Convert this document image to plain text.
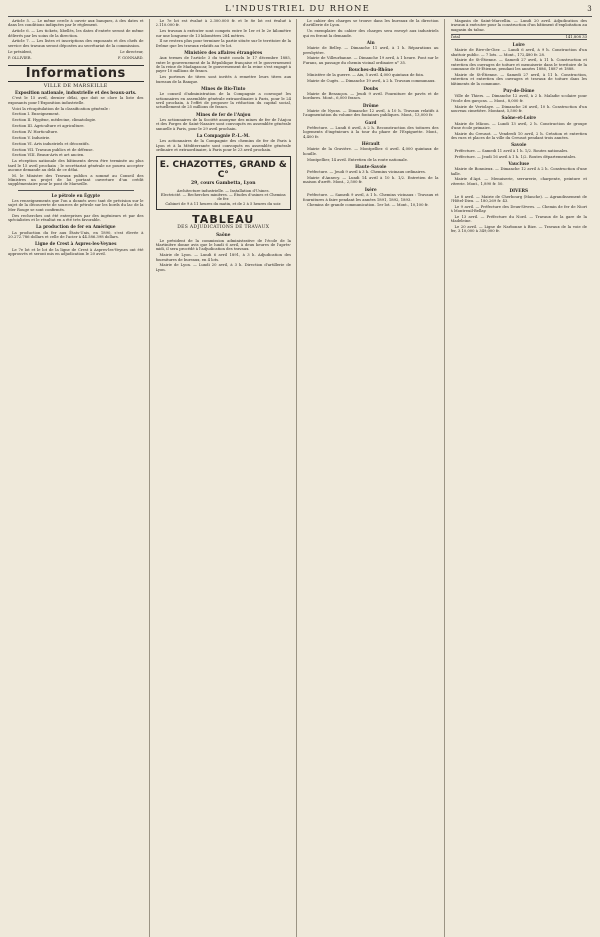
L'INDUSTRIEL DU RHONE	3

Article 5. — Le même cercle à ouvrir aux banques, à des dates et dans les conditions indiquées par le règlement.

Article 6. — Les tickets, libellés, les dates d'entrée seront de même délivrés par les soins de la direction.

Article 7. — Les listes et inscriptions des exposants et des chefs de service des travaux seront déposées au secrétariat de la commission.

Le président,	Le directeur,
P. OLLIVIER.	F. GONNARD.
Informations
VILLE DE MARSEILLE
Exposition nationale, industrielle et des beaux-arts.

C'est le 15 avril, dernier délai, que doit se clore la liste des exposants pour l'Exposition industrielle.

Voici la récapitulation de la classification générale :

Section I. Enseignement.

Section II. Hygiène, médecine, climatologie.

Section III. Agriculture et agriculture.

Section IV. Horticulture.

Section V. Industrie.

Section VI. Arts industriels et décoratifs.

Section VII. Travaux publics et de défense.

Section VIII. Beaux-Arts et art ancien.

La réception nationale des bâtiments devra être terminée au plus tard le 15 avril prochain ; le secrétariat générale ne pourra accepter aucune demande au delà de ce délai.

M. le Ministre des Travaux publics a sommé au Conseil des Ministres un projet de loi portant ouverture d'un crédit supplémentaire pour le pont de Marseille.

Le pétrole en Égypte

Les renseignements que l'on a donnés avec tant de précision sur le sujet de la découverte de sources de pétrole sur les bords du lac de la Mer Rouge se sont confirmés.

Des recherches ont été entreprises par des ingénieurs et par des spécialistes et le résultat en a été très favorable.

La production de fer en Amérique

La production du fer aux États-Unis, en 1890, s'est élevée à 20.272.786 dollars et celle de l'acier à 44.586.398 dollars.

Ligne de Crest à Aspres-les-Veynes

Le 7e lot et le lot de la ligne de Crest à Aspres-les-Veynes ont été approuvés et seront mis en adjudication le 20 avril.

Le 7e lot est évalué à 2.300.000 fr. et le 8e lot est évalué à 2.110.000 fr.

Les travaux à exécuter sont compris entre le 1er et le 2e kilomètre sur une longueur de 13 kilomètres 284 mètres.

Il ne restera plus pour terminer la partie située sur le territoire de la Drôme que les travaux relatifs au 9e lot.

Ministère des affaires étrangères

Aux termes de l'article 3 du traité conclu le 17 décembre 1885, entre le gouvernement de la République française et le gouvernement de la reine de Madagascar, le gouvernement de la reine s'est engagé à payer 10 millions de francs.

Les porteurs de titres sont invités à remettre leurs titres aux bureaux de la Banque.

Mines de Bio-Tinto

Le conseil d'administration de la Compagnie a convoqué les actionnaires en assemblée générale extraordinaire à Paris, pour le 24 avril prochain, à l'effet de proposer la réduction du capital social, actuellement de 25 millions de francs.

Mines de fer de l'Anjou

Les actionnaires de la Société anonyme des mines de fer de l'Anjou et des Forges de Saint-Nazaire sont convoqués en assemblée générale annuelle à Paris, pour le 29 avril prochain.

La Compagnie P.-L.-M.

Les actionnaires de la Compagnie des chemins de fer de Paris à Lyon et à la Méditerranée sont convoqués en assemblée générale ordinaire et extraordinaire, à Paris pour le 23 avril prochain.

E. CHAZOTTES, GRAND & C°
29, cours Gambetta, Lyon
Architecture industrielle. — Installation d'Usines.
Electricité. — Recherches minières. — Études d'usines et Chemins de fer.
Cabinet de 9 à 11 heures du matin, et de 2 à 5 heures du soir.
TABLEAU
DES ADJUDICATIONS DE TRAVAUX
Saône

Le président de la commission administrative de l'école de la Martinière donne avis que le lundi 6 avril, à deux heures de l'après-midi, il sera procédé à l'adjudication des travaux.

Mairie de Lyon. — Lundi 6 avril 1891, à 3 h. Adjudication des fournitures de bureaux, en 4 lots.

Mairie de Lyon. — Lundi 20 avril, à 3 h. Direction d'artillerie de Lyon.

Le cahier des charges se trouve dans les bureaux de la direction d'artillerie de Lyon.

Un exemplaire du cahier des charges sera envoyé aux industriels qui en feront la demande.

Ain

Mairie de Belley. — Dimanche 11 avril, à 1 h. Réparations au presbytère.

Mairie de Villeurbanne. — Dimanche 19 avril, à 1 heure. Pont sur le Furans, au passage du chemin vicinal ordinaire n° 35.

Bouches-du-Rhône

Ministère de la guerre. — Aix, 5 avril. 4,000 quintaux de foin.

Mairie de Cugès. — Dimanche 19 avril, à 2 h. Travaux communaux.

Doubs

Mairie de Besançon. — Jeudi 9 avril. Fourniture de pavés et de bordures. Mont., 6,000 francs.

Drôme

Mairie de Nyons. — Dimanche 12 avril, à 10 h. Travaux relatifs à l'augmentation du volume des fontaines publiques. Mont., 13,000 fr.

Gard

Préfecture. — Lundi 6 avril, à 2 h. Reconstruction des toitures des logements d'ingénieurs à la tour du phare de l'Espiguette. Mont., 4,400 fr.

Hérault

Mairie de la Gravière. — Montpellier. 6 avril. 4,000 quintaux de houille.

Montpellier, 14 avril. Entretien de la route nationale.

Haute-Savoie

Préfecture. — Jeudi 9 avril à 3 h. Chemins vicinaux ordinaires.

Mairie d'Annecy. — Lundi 14 avril à 10 h. 1/2. Entretien de la maison d'arrêt. Mont., 2,500 fr.

Isère

Préfecture. — Samedi 9 avril, à 1 h. Chemins vicinaux : Travaux et fournitures à faire pendant les années 1891, 1892, 1893.

Chemins de grande communication. 1er lot. — Mont., 10,100 fr.

Magasin de Saint-Marcellin. — Lundi 20 avril. Adjudication des travaux à exécuter pour la construction d'un bâtiment d'exploitation au magasin du tabac.

Total	141,808 33
Loire

Mairie de Rive-de-Gier. — Lundi 6 avril, à 9 h. Construction d'un abattoir public. — 7 lots. — Mont., 172,480 fr. 28.

Mairie de St-Étienne. — Samedi 27 avril, à 11 h. Construction et entretien des ouvrages de toiture et menuiserie dans le territoire de la commune de St-Étienne, pendant les années 1886, 1887 et 1888.

Mairie de St-Étienne. — Samedi 27 avril, à 11 h. Construction, entretien et entretien des ouvrages et travaux de toiture dans les bâtiments de la commune.

Puy-de-Dôme

Ville de Thiers. — Dimanche 12 avril, à 2 h. Maladie scolaire pour l'école des garçons. — Mont., 8,000 fr.

Mairie de Vertolaye. — Dimanche 26 avril, 10 h. Construction d'un nouveau cimetière. Montant, 5,500 fr.

Saône-et-Loire

Mairie de Mâcon. — Lundi 13 avril, 2 h. Construction de groupe d'une école primaire.

Mairie du Creusot. — Vendredi 10 avril, 2 h. Création et entretien des rues et places de la ville du Creusot pendant trois années.

Savoie

Préfecture. — Samedi 11 avril à 1 h. 1/2. Routes nationales.

Préfecture. — Jeudi 16 avril à 1 h. 1/2. Routes départementales.

Vaucluse

Mairie de Bonnieux. — Dimanche 12 avril à 2 h. Construction d'une halle.

Mairie d'Apt. — Menuiserie, serrurerie, charpente, peinture et vitrerie. Mont., 1,890 fr. 50.

DIVERS

Le 8 avril. — Mairie de Cherbourg (Manche). — Agrandissement de l'Hôtel-Dieu. — 180,269 fr. 43.

Le 9 avril. — Préfecture des Deux-Sèvres. — Chemin de fer de Niort à Montreuil-Bellay.

Le 13 avril. — Préfecture du Nord. — Travaux de la gare de la Madeleine.

Le 20 avril. — Ligne de Narbonne à Bize. — Travaux de la voie de fer, 3.10,000 à 349,000 fr.
